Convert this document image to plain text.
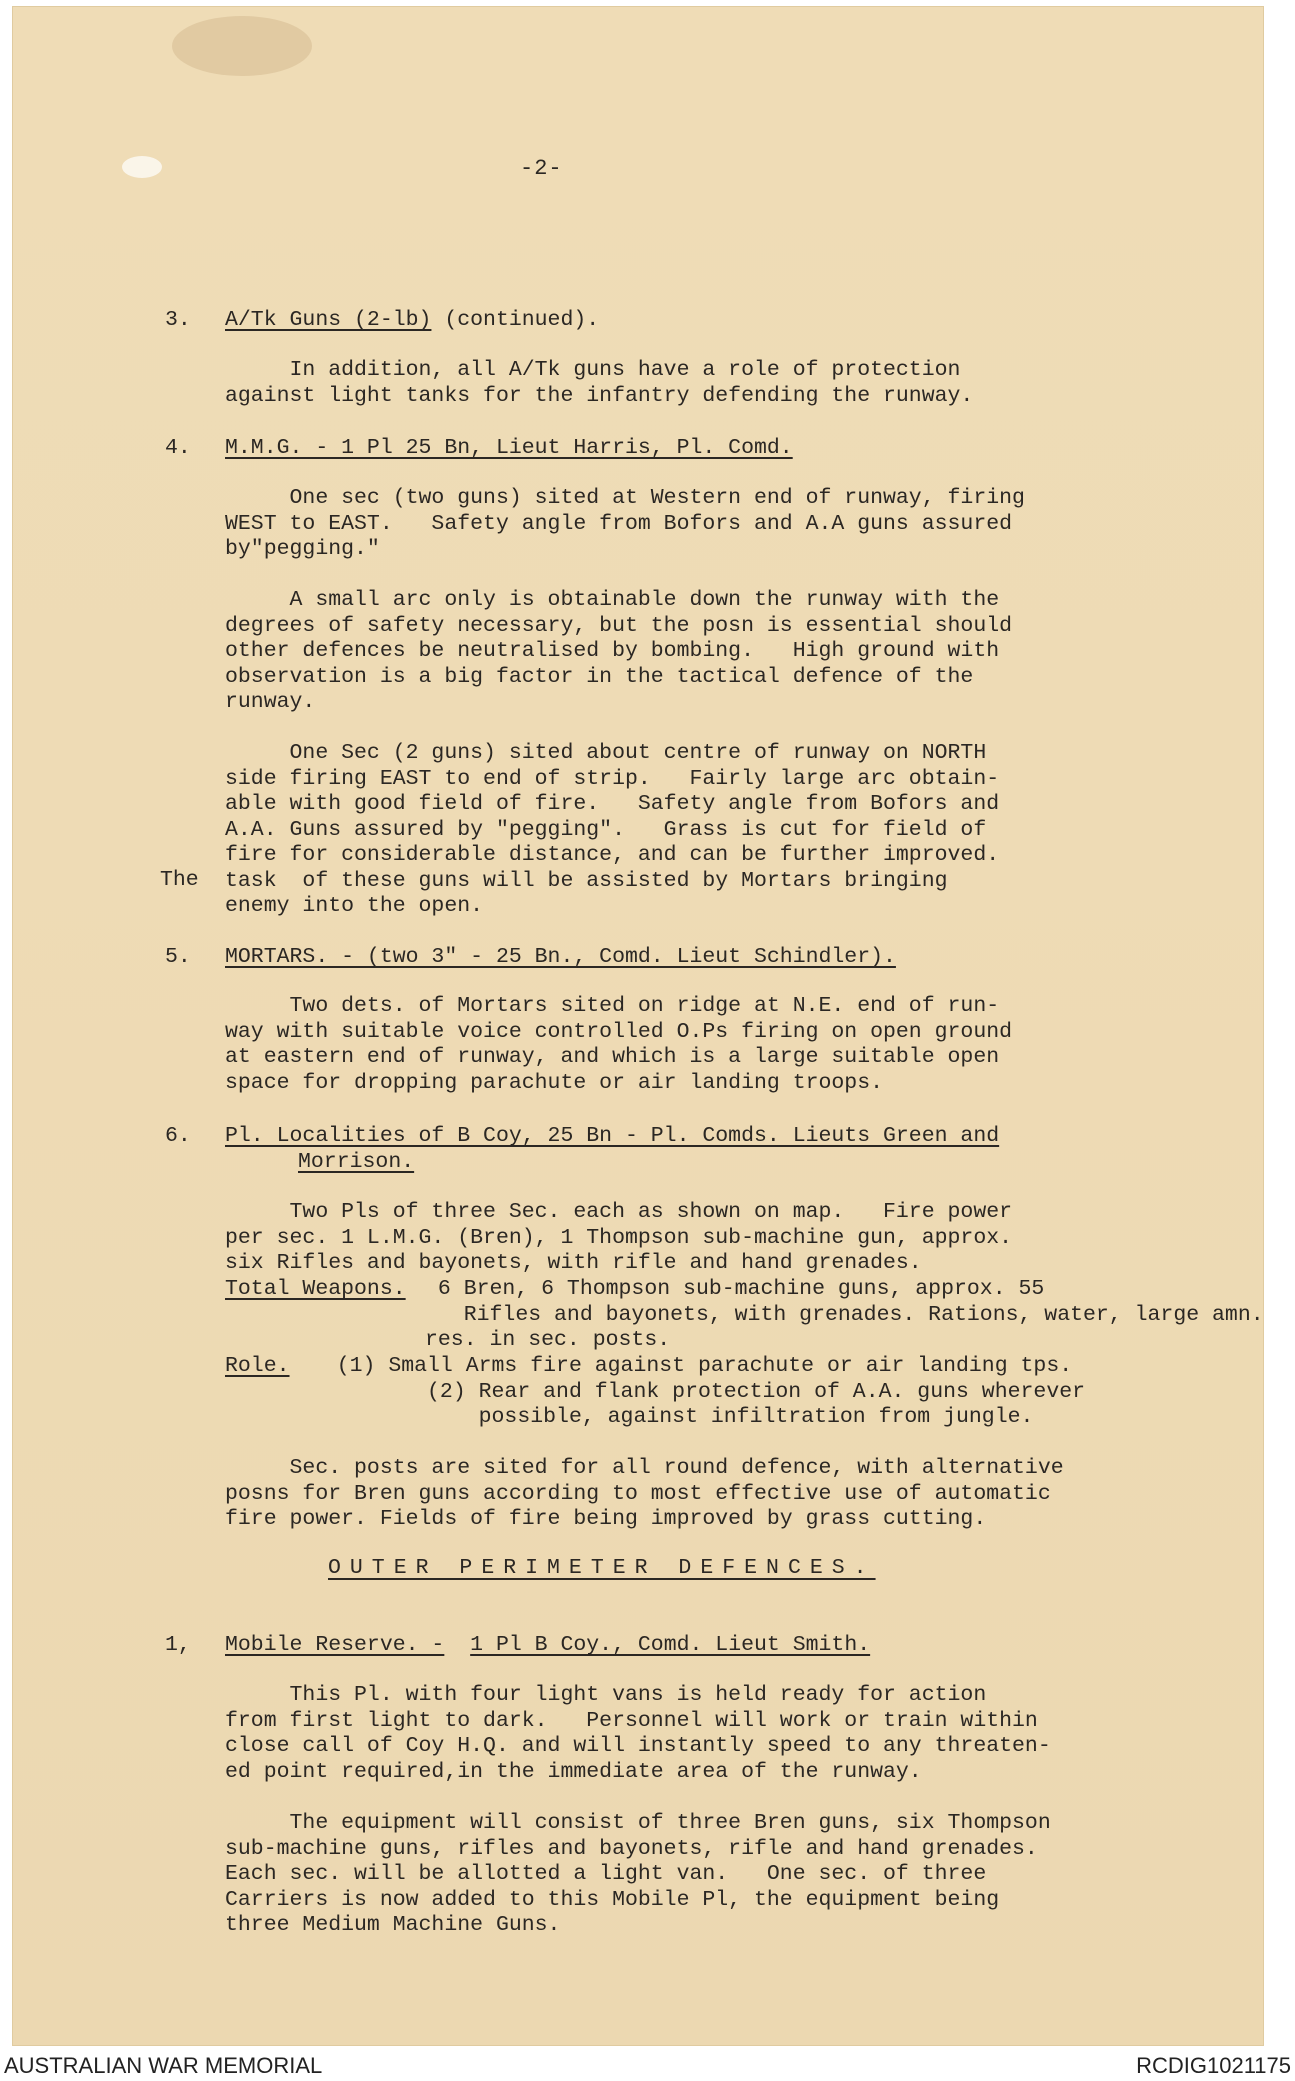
-2-
3. A/Tk Guns (2-lb) (continued).
In addition, all A/Tk guns have a role of protection
against light tanks for the infantry defending the runway.
4. M.M.G. - 1 Pl 25 Bn, Lieut Harris, Pl. Comd.
One sec (two guns) sited at Western end of runway, firing
WEST to EAST.   Safety angle from Bofors and A.A guns assured
by"pegging."
A small arc only is obtainable down the runway with the
degrees of safety necessary, but the posn is essential should
other defences be neutralised by bombing.   High ground with
observation is a big factor in the tactical defence of the
runway.
One Sec (2 guns) sited about centre of runway on NORTH
side firing EAST to end of strip.   Fairly large arc obtain-
able with good field of fire.   Safety angle from Bofors and
A.A. Guns assured by "pegging".   Grass is cut for field of
fire for considerable distance, and can be further improved.
task  of these guns will be assisted by Mortars bringing
enemy into the open.
The
5. MORTARS. - (two 3" - 25 Bn., Comd. Lieut Schindler).
Two dets. of Mortars sited on ridge at N.E. end of run-
way with suitable voice controlled O.Ps firing on open ground
at eastern end of runway, and which is a large suitable open
space for dropping parachute or air landing troops.
6. Pl. Localities of B Coy, 25 Bn - Pl. Comds. Lieuts Green and
Morrison.
Two Pls of three Sec. each as shown on map.   Fire power
per sec. 1 L.M.G. (Bren), 1 Thompson sub-machine gun, approx.
six Rifles and bayonets, with rifle and hand grenades.
Total Weapons.	6 Bren, 6 Thompson sub-machine guns, approx. 55
Rifles and bayonets, with grenades. Rations, water, large amn.
res. in sec. posts.
Role.	(1) Small Arms fire against parachute or air landing tps.
(2) Rear and flank protection of A.A. guns wherever
possible, against infiltration from jungle.
Sec. posts are sited for all round defence, with alternative
posns for Bren guns according to most effective use of automatic
fire power. Fields of fire being improved by grass cutting.
OUTER PERIMETER DEFENCES.
1, Mobile Reserve. - 1 Pl B Coy., Comd. Lieut Smith.
This Pl. with four light vans is held ready for action
from first light to dark.   Personnel will work or train within
close call of Coy H.Q. and will instantly speed to any threaten-
ed point required,in the immediate area of the runway.
The equipment will consist of three Bren guns, six Thompson
sub-machine guns, rifles and bayonets, rifle and hand grenades.
Each sec. will be allotted a light van.   One sec. of three
Carriers is now added to this Mobile Pl, the equipment being
three Medium Machine Guns.
AUSTRALIAN WAR MEMORIAL	RCDIG1021175
